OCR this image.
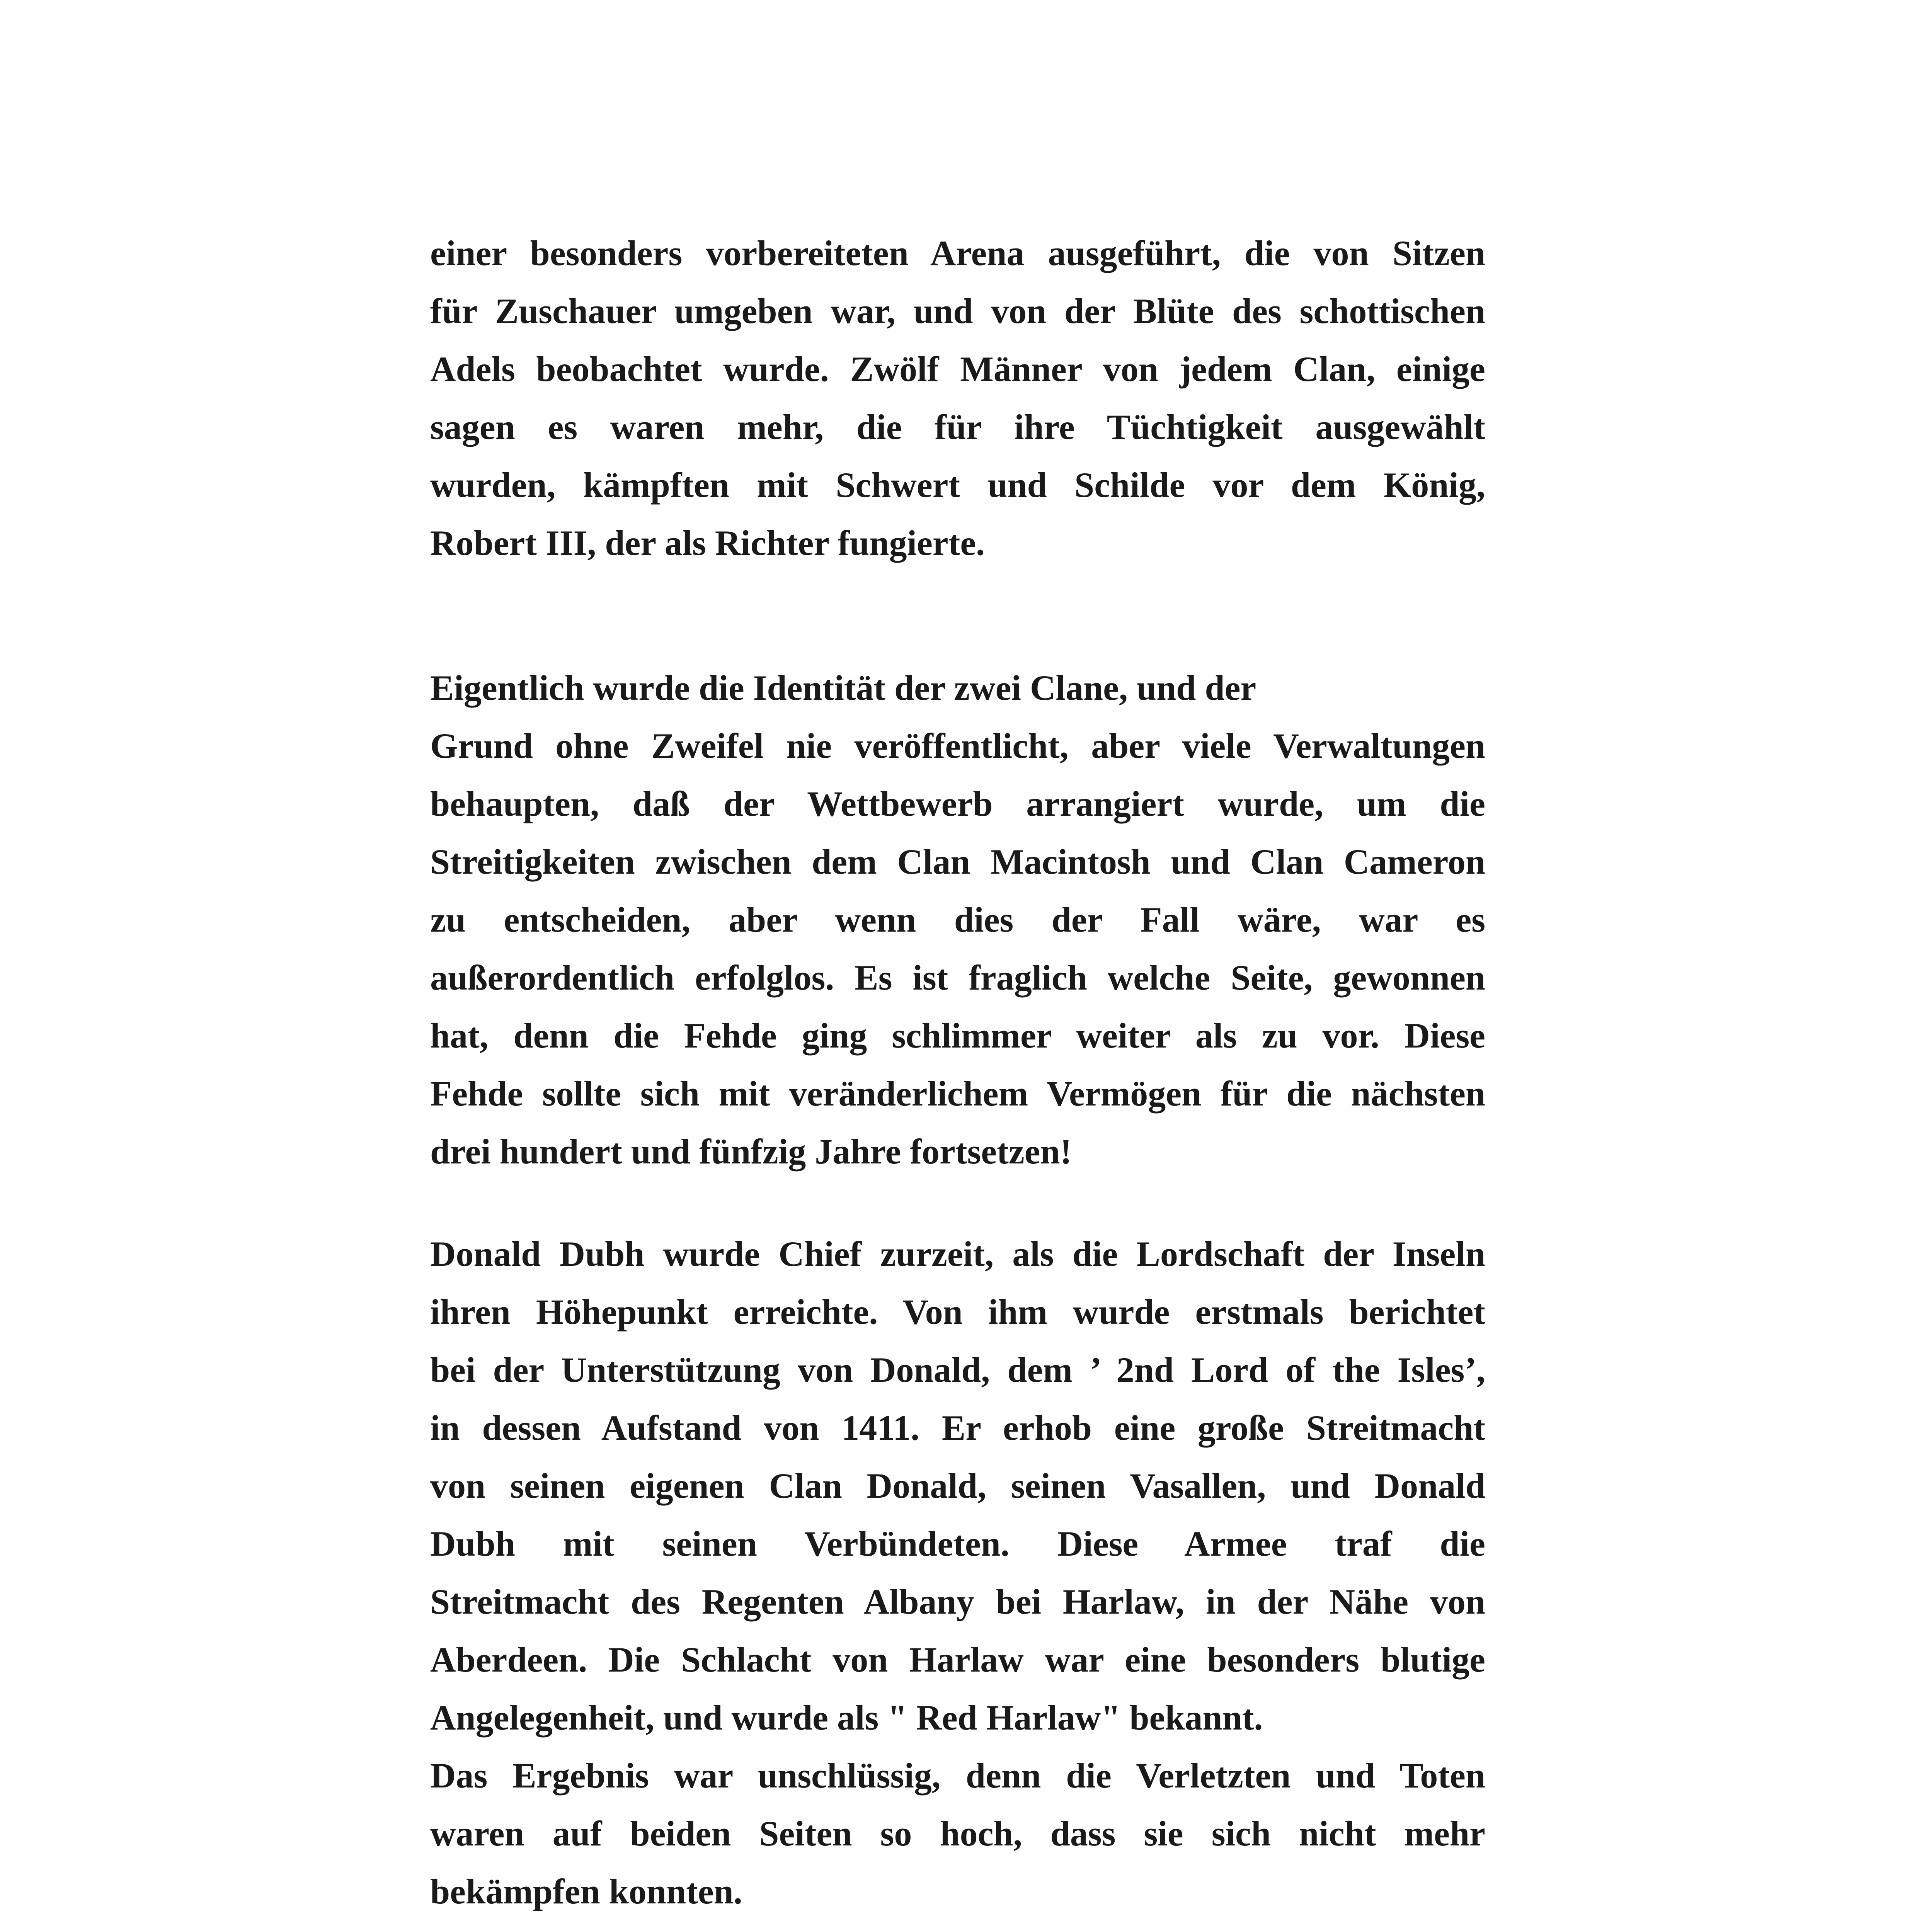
einer besonders vorbereiteten Arena ausgeführt, die von Sitzen
für Zuschauer umgeben war, und von der Blüte des schottischen
Adels beobachtet wurde. Zwölf Männer von jedem Clan, einige
sagen es waren mehr, die für ihre Tüchtigkeit ausgewählt
wurden, kämpften mit Schwert und Schilde vor dem König,
Robert III, der als Richter fungierte.
Eigentlich wurde die Identität der zwei Clane, und der
Grund ohne Zweifel nie veröffentlicht, aber viele Verwaltungen
behaupten, daß der Wettbewerb arrangiert wurde, um die
Streitigkeiten zwischen dem Clan Macintosh und Clan Cameron
zu entscheiden, aber wenn dies der Fall wäre, war es
außerordentlich erfolglos. Es ist fraglich welche Seite, gewonnen
hat, denn die Fehde ging schlimmer weiter als zu vor. Diese
Fehde sollte sich mit veränderlichem Vermögen für die nächsten
drei hundert und fünfzig Jahre fortsetzen!
Donald Dubh wurde Chief zurzeit, als die Lordschaft der Inseln
ihren Höhepunkt erreichte. Von ihm wurde erstmals berichtet
bei der Unterstützung von Donald, dem ’ 2nd Lord of the Isles’,
in dessen Aufstand von 1411. Er erhob eine große Streitmacht
von seinen eigenen Clan Donald, seinen Vasallen, und Donald
Dubh mit seinen Verbündeten. Diese Armee traf die
Streitmacht des Regenten Albany bei Harlaw, in der Nähe von
Aberdeen. Die Schlacht von Harlaw war eine besonders blutige
Angelegenheit, und wurde als " Red Harlaw" bekannt.
Das Ergebnis war unschlüssig, denn die Verletzten und Toten
waren auf beiden Seiten so hoch, dass sie sich nicht mehr
bekämpfen konnten.
